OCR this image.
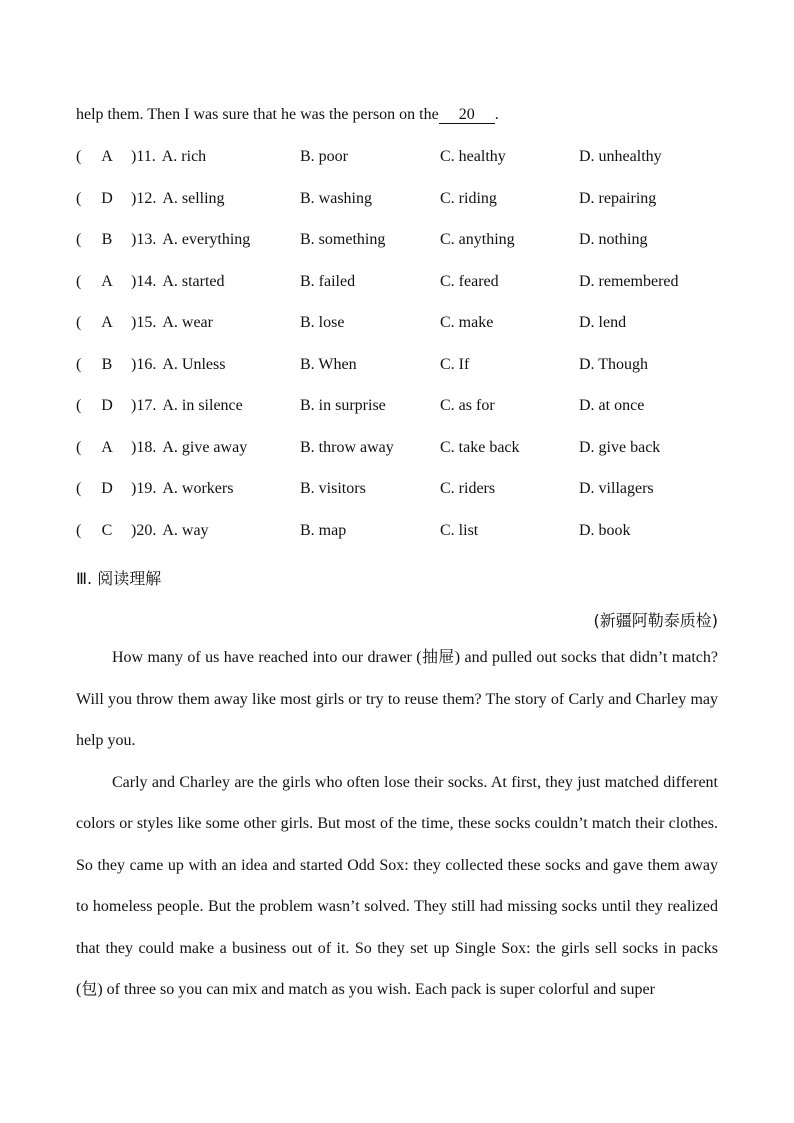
help them. Then I was sure that he was the person on the 20 .
( A )11. A. rich	B. poor	C. healthy	D. unhealthy
( D )12. A. selling	B. washing	C. riding	D. repairing
( B )13. A. everything	B. something	C. anything	D. nothing
( A )14. A. started	B. failed	C. feared	D. remembered
( A )15. A. wear	B. lose	C. make	D. lend
( B )16. A. Unless	B. When	C. If	D. Though
( D )17. A. in silence	B. in surprise	C. as for	D. at once
( A )18. A. give away	B. throw away	C. take back	D. give back
( D )19. A. workers	B. visitors	C. riders	D. villagers
( C )20. A. way	B. map	C. list	D. book
Ⅲ. 阅读理解
(新疆阿勒泰质检)

How many of us have reached into our drawer (抽屉) and pulled out socks that didn’t match? Will you throw them away like most girls or try to reuse them? The story of Carly and Charley may help you.

Carly and Charley are the girls who often lose their socks. At first, they just matched different colors or styles like some other girls. But most of the time, these socks couldn’t match their clothes. So they came up with an idea and started Odd Sox: they collected these socks and gave them away to homeless people. But the problem wasn’t solved. They still had missing socks until they realized that they could make a business out of it. So they set up Single Sox: the girls sell socks in packs (包) of three so you can mix and match as you wish. Each pack is super colorful and super
